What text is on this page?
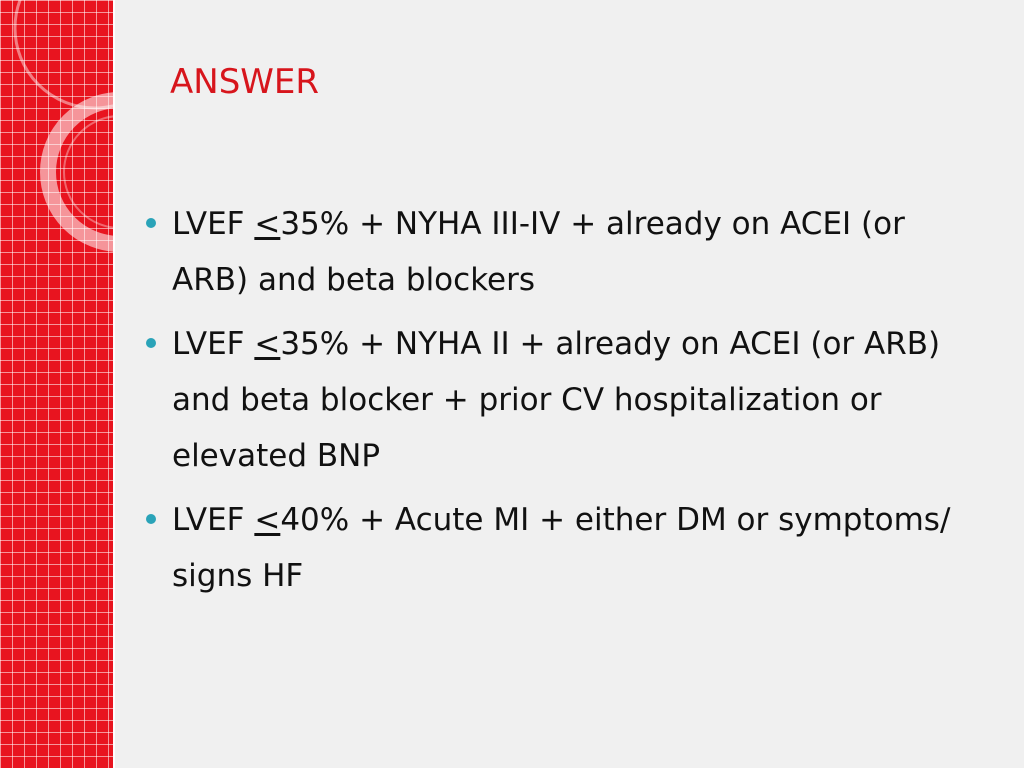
ANSWER
LVEF ≤35% + NYHA III-IV + already on ACEI (or ARB) and beta blockers
LVEF ≤35% + NYHA II + already on ACEI (or ARB) and beta blocker + prior CV hospitalization or elevated BNP
LVEF ≤40% + Acute MI + either DM or symptoms/ signs HF
